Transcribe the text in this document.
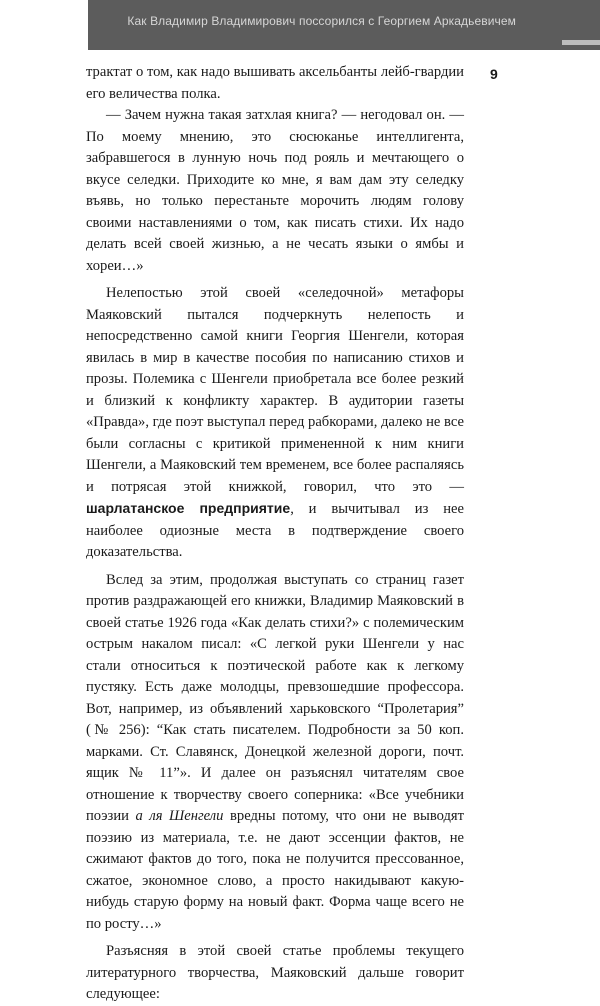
Как Владимир Владимирович поссорился с Георгием Аркадьевичем
9

трактат о том, как надо вышивать аксельбанты лейб-гвардии его величества полка.

— Зачем нужна такая затхлая книга? — негодовал он. — По моему мнению, это сюсюканье интеллигента, забравшегося в лунную ночь под рояль и мечтающего о вкусе селедки. Приходите ко мне, я вам дам эту селедку въявь, но только перестаньте морочить людям голову своими наставлениями о том, как писать стихи. Их надо делать всей своей жизнью, а не чесать языки о ямбы и хореи…»

Нелепостью этой своей «селедочной» метафоры Маяковский пытался подчеркнуть нелепость и непосредственно самой книги Георгия Шенгели, которая явилась в мир в качестве пособия по написанию стихов и прозы. Полемика с Шенгели приобретала все более резкий и близкий к конфликту характер. В аудитории газеты «Правда», где поэт выступал перед рабкорами, далеко не все были согласны с критикой примененной к ним книги Шенгели, а Маяковский тем временем, все более распаляясь и потрясая этой книжкой, говорил, что это — шарлатанское предприятие, и вычитывал из нее наиболее одиозные места в подтверждение своего доказательства.

Вслед за этим, продолжая выступать со страниц газет против раздражающей его книжки, Владимир Маяковский в своей статье 1926 года «Как делать стихи?» с полемическим острым накалом писал: «С легкой руки Шенгели у нас стали относиться к поэтической работе как к легкому пустяку. Есть даже молодцы, превзошедшие профессора. Вот, например, из объявлений харьковского “Пролетария” (№ 256): “Как стать писателем. Подробности за 50 коп. марками. Ст. Славянск, Донецкой железной дороги, почт. ящик № 11”». И далее он разъяснял читателям свое отношение к творчеству своего соперника: «Все учебники поэзии а ля Шенгели вредны потому, что они не выводят поэзию из материала, т.е. не дают эссенции фактов, не сжимают фактов до того, пока не получится прессованное, сжатое, экономное слово, а просто накидывают какую-нибудь старую форму на новый факт. Форма чаще всего не по росту…»

Разъясняя в этой своей статье проблемы текущего литературного творчества, Маяковский дальше говорит следующее:
